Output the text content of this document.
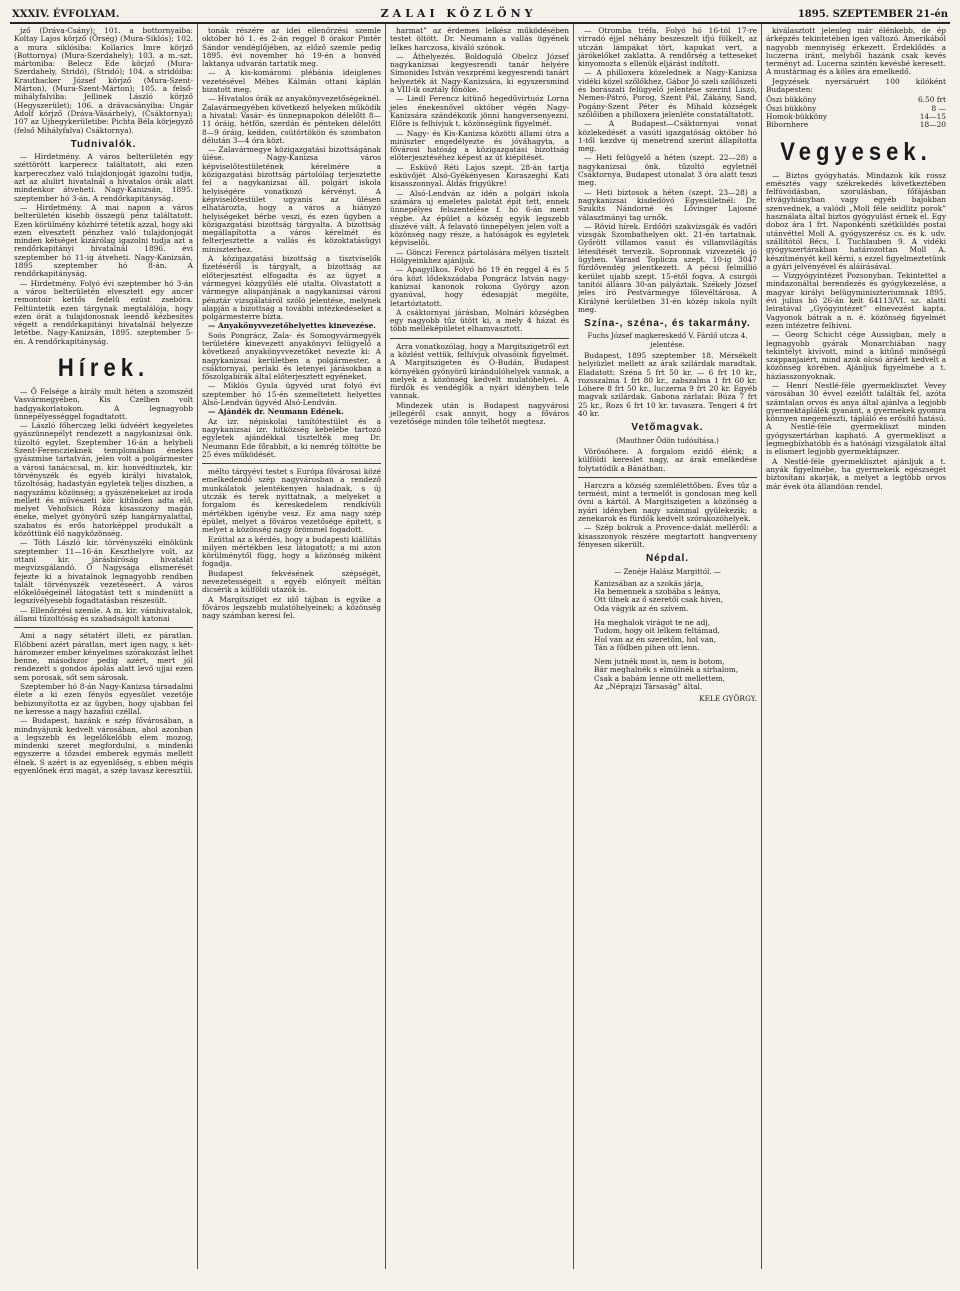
XXXIV. ÉVFOLYAM.	ZALAI KÖZLÖNY	1895. SZEPTEMBER 21-én

jző (Dráva-Csány); 101. a bottornyaiba: Koltay Lajos körjző (Őrség) (Mura-Siklós); 102. a mura siklósiba: Kollarics Imre körjző (Bottornya) (Mura-Szerdahely); 103. a m.-szt. mártoniba: Belecz Ede körjző (Mura-Szerdahely, Stridó), (Stridó); 104. a stridóiba: Krauthacker József körjző (Mura-Szent-Márton), (Mura-Szent-Márton); 105. a felső-mihályfalviba: Jellinek László körjző (Hegyszerület); 106. a drávacsányiba: Ungár Adolf körjző (Dráva-Vásárhely), (Csáktornya); 107 az Ujhegykerületibe: Pichta Béla körjegyző (felső Mihályfalva) Csáktornya).

Tudnivalók.

— Hirdetmény. A város belterületén egy széttörött karperecz találtatott, aki ezen karpereczhez való tulajdonjogát igazolni tudja, azt az alulirt hivatalnál a hivatalos órák alatt mindenkor átveheti. Nagy-Kanizsán, 1895. szeptember hó 3-án. A rendőrkapitányság.

— Hirdetmény. A mai napon a város belterületén kisebb összegü pénz találtatott. Ezen körülmény közhirré tétetik azzal, hogy aki ezen elvesztett pénzhez való tulajdonjogát minden kétséget kizárólag igazolni tudja azt a rendőrkapitányi hivatalnál 1896. évi szeptember hó 11-ig átveheti. Nagy-Kanizsán, 1895 szeptember hó 8-án. A rendőrkapitányság.

— Hirdetmény. Folyó évi szeptember hó 3-án a város belterületén elvesztett egy ancer remontoir kettős fedelü ezüst zsebóra. Feltüntetik ezen tárgynak megtalálója, hogy ezen órát a tulajdonosnak leendő kézbesítés végett a rendőrkapitányi hivatalnál helyezze letétbe. Nagy-Kanizsán, 1895. szeptember 5-én. A rendőrkapitányság.

Hírek.

— Ő Felsége a király mult héten a szomszéd Vasvármegyében, Kis Czelben volt hadgyakorlatokon. A legnagyobb ünnepélyességgel fogadtatott.

— László főherczeg lelki üdvéért kegyeletes gyászünnepélyt rendezett a nagykanizsai önk. tűzoltó egylet. Szeptember 16-án a helybeli Szent-Ferenczieknek templomában énekes gyászmise tartatván, jelen volt a polgármester a városi tanácscsal, m. kir. honvédtisztek, kir. törvényszék és egyéb királyi hivatalok, tűzoltóság, hadastyán egyletek teljes diszben, a nagyszámu közönség; a gyászénekeket az iroda mellett és művészeti kör kitűnően adta elő, melyet Vehofsich Róza kisasszony magán éneke, melyet gyönyörű szép hangárnyalattal, szabatos és erős hatorképpel produkált a közöttünk élő nagyközönség.

— Tóth László kir. törvényszéki elnökünk szeptember 11—16-án Keszthelyre volt, az ottani kir. járásbíróság hivatalát megvizsgálandó. Ő Nagysága elismerését fejezte ki a hivatalnok legnagyobb rendben talált törvényszék vezetéseért. A város előkelőségeinél látogatást tett s mindenütt a legszívélyesebb fogadtatásban részesült.

— Ellenőrzési szemle. A m. kir. vámhivatalok, állami tűzoltóság és szabadságolt katonai

Ami a nagy sétatért illeti, ez páratlan. Előbbeni azért páratlan, mert igen nagy, s két-háromezer ember kényelmes szórakozást lelhet benne, másodszor pedig azért, mert jól rendezett s gondos ápolás alatt levő ujjai ezen sem porosak, sőt sem sárosak.

Szeptember hó 8-án Nagy-Kanizsa társadalmi élete a ki ezen fényös egyesület vezetője bebizonyította ez az ügyben, hogy ujabban fel ne keresse a nagy hazafiúi czéllal.

— Budapest, hazánk e szép fővárosában, a mindnyájunk kedvelt városában, ahol azonban a legszebb és legelőkelőbb elem mozog, mindenki szeret megfordulni, s mindenki egyszerre a tőzsdei emberek egymás mellett élnek. S azért is az egyenlőség, s ebben mégis egyenlőnek érzi magát, a szép tavasz keresztül.

tonák részére az idei ellenőrzési szemle október hó 1. és 2-án reggel 8 órakor Pintér Sándor vendéglőjében, az előző szemle pedig 1895. évi november hó 19-én a honvéd laktanya udvarán tartatik meg.

— A kis-komáromi plébánia ideiglenes vezetésével Méhes Kálmán ottani káplán bizatott meg.

— Hivatalos órák az anyakönyvezetőségeknél. Zalavármegyében következő helyeken működik a hivatal: Vasár- és ünnepnapokon délelőtt 8—11 óráig, hétfőn, szerdán és pénteken délelőtt 8—9 óráig, kedden, csütörtökön és szombaton délután 3—4 óra közt.

— Zalavármegye közigazgatási bizottságának ülése. Nagy-Kanizsa város képviselőtestületének kérelmére a közigazgatási bizottság pártolólag terjesztette fel a nagykanizsai áll. polgári iskola helyiségére vonatkozó kérvényt. A képviselőtestület ugyanis az ülésen elhatározta, hogy a város a hiányzó helyiségeket bérbe veszi, és ezen ügyben a közigazgatási bizottság tárgyalta. A bizottság megállapította a város kérelmét és felterjesztette a vallás és közoktatásügyi miniszterhez.

A közigazgatási bizottság a tisztviselők fizetéséről is tárgyalt, a bizottság az előterjesztést elfogadta és az ügyet a vármegyei közgyűlés elé utalta. Olvastatott a vármegye alispánjának a nagykanizsai városi pénztár vizsgálatáról szóló jelentése, melynek alapján a bizottság a további intézkedéseket a polgármesterre bízta.

— Anyakönyvvezetőhelyettes kinevezése.

Soós Pongrácz, Zala- és Somogyvármegyék területére kinevezett anyakönyvi felügyelő a következő anyakönyvvezetőket nevezte ki: A nagykanizsai kerületben a polgármester, a csáktornyai, perlaki és letenyei járásokban a főszolgabírák által előterjesztett egyéneket.

— Miklós Gyula ügyvéd urat folyó évi szeptember hó 15-én szemeltetett helyettes Alsó-Lendván ügyvéd Alsó-Lendván.

— Ajándék dr. Neumann Edének.

Az izr. népiskolai tanítótestület és a nagykanizsai izr. hitközség kebelébe tartozó egyletek ajándékkal tisztelték meg Dr. Neumann Ede főrabbit, a ki nemrég töltötte be 25 éves működését.

mélto tárgyévi testet s Európa fővárosai közé emelkedendő szép nagyvárosban a rendező munkálatok jelentékenyen haladnak, s új utczák és terek nyittatnak, a melyeket a forgalom és kereskedelem rendkívüli mértékben igénybe vesz. Ez ama nagy szép épület, melyet a főváros vezetősége épített, s melyet a közönség nagy örömmel fogadott.

Ezúttal az a kérdés, hogy a budapesti kiállítás milyen mértékben lesz látogatott; a mi azon körülménytől függ, hogy a közönség miként fogadja.

Budapest fekvésének szépségét, nevezetességeit s egyéb előnyeit méltán dicsérik a külföldi utazók is.

A Margitsziget ez idő tájban is egyike a főváros legszebb mulatóhelyeinek; a közönség nagy számban keresi fel.

harmat” az érdemes lelkész működésében testet öltött. Dr. Neumann a vallás ügyének lelkes harczosa, kiváló szónok.

— Áthelyezés. Boldoguló Obelcz József nagykanizsai kegyesrendi tanár helyére Simonides István veszprémi kegyesrendi tanárt helyezték át Nagy-Kanizsára, ki egyszersmind a VIII-ik osztály főnöke.

— Liedl Ferencz kitünő hegedűvirtuóz Lorna jeles énekesnővel október végén Nagy-Kanizsára szándékozik jönni hangversenyezni. Előre is felhívjuk t. közönségünk figyelmét.

— Nagy- és Kis-Kanizsa közötti állami útra a miniszter engedélyezte és jóváhagyta, a fővárosi hatóság a közigazgatási bizottság előterjesztéséhez képest az út kiépítését.

— Esküvő Réti Lajos szept. 28-án tartja esküvőjét Alsó-Gyékényesen Koraszeghi Kati kisasszonnyal. Áldás frigyükre!

— Alsó-Lendván az idén a polgári iskola számára uj emeletes palotát épít tett, ennek ünnepélyes felszentelése f. hó 6-án ment végbe. Az épület a község egyik legszebb díszévé vált. A felavató ünnepélyen jelen volt a közönség nagy része, a hatóságok és egyletek képviselői.

— Gönczi Ferencz pártolására mélyen tisztelt Hölgyeinkhez ajánljuk.

— Apagyilkos. Folyó hó 19 én reggel 4 és 5 óra közt lődekszádaba Pongrácz István nagy-kanizsai kanonok rokona György azon gyanúval, hogy édesapját megölte, letartóztatott.

A csáktornyai járásban, Molnári községben egy nagyobb tűz ütött ki, a mely 4 házat és több melléképületet elhamvasztott.

Arra vonatkozólag, hogy a Margitszigetről ezt a közlést vettük, felhívjuk olvasóink figyelmét. A Margitszigeten és Ó-Budán, Budapest környékén gyönyörű kirándulóhelyek vannak, a melyek a közönség kedvelt mulatóhelyei. A fürdők és vendéglők a nyári idényben tele vannak.

Mindezek után is Budapest nagyvárosi jellegéről csak annyit, hogy a főváros vezetősége minden tőle telhetőt megtesz.

— Otromba tréfa. Folyó hó 16-tól 17-re virradó éjjel néhány beszeszelt ifjú fölkelt, az utczán lámpákat tört, kapukat vert, a járókelőket zaklatta. A rendőrség a tetteseket kinyomozta s ellenük eljárást indított.

— A philloxera közelednek a Nagy-Kanizsa vidéki közel szőlőkhez, Gábor Jó szeli szőlőszeti és borászati felügyelő jelentése szerint Liszó, Nemes-Pátró, Porog, Szent Pál, Zákány, Sand, Pogány-Szent Péter és Mihald községek szőlőiben a philloxera jelenléte constatáltatott.

— A Budapest—Csáktornyai vonat közlekedését a vasúti igazgatóság október hó 1-től kezdve új menetrend szerint állapította meg.

— Heti felügyelő a héten (szept. 22—28) a nagykanizsai önk. tűzoltó egyletnél Csáktornya, Budapest utonalat 3 óra alatt teszi meg.

— Heti biztosok a héten (szept. 23—28) a nagykanizsai kisdedóvó Egyesületnél: Dr. Szukits Nándorné és Lővinger Lajosné választmányi tag urnők.

— Rövid hírek. Erdőőri szakvizsgák és vadőri vizsgák Szombathelyen okt. 21-én tartatnak. Győrött villamos vasut és villamvilágítás létesítését tervezik. Sopronnak vizvezeték jó ügyben. Varasd Toplicza szept. 10-ig 3047 fürdővendég jelentkezett. A pécsi felmillió kerület ujabb szept. 15-étől fogva. A csurgói tanítói állásra 30-an pályáztak. Székely József jeles író Pestvármegye főlevéltárosa. A Királyné kerületben 31-én közép iskola nyílt meg.

Szína-, széna-, és takarmány.
Fuchs József magkereskedő V. Fárdő utcza 4. jelentése.

Budapest, 1895 szeptember 18. Mérsékelt helyiüzlet mellett az árak szilárdak maradtak. Eladatott: Széna 5 frt 50 kr. — 6 frt 10 kr., rozsszalma 1 frt 80 kr., zabszalma 1 frt 60 kr. Lóhere 8 frt 50 kr., luczerna 9 frt 20 kr. Egyéb magvak szilárdak. Gabona zárlatai: Búza 7 frt 25 kr., Rozs 6 frt 10 kr. tavaszra. Tengeri 4 frt 40 kr.

Vetőmagvak.
(Mauthner Ödön tudósítása.)

Vörösóhere. A forgalom ezidő élénk; a külföldi kereslet nagy, az árak emelkedése folytatódik a Bánátban.

Harczra a község szemlélettőben. Éves tűz a termést, mint a termelőt is gondosan meg kell óvni a kártól. A Margitszigeten a közönség a nyári idényben nagy számmal gyülekezik; a zenekarok és fürdők kedvelt szórakozóhelyek.

— Szép bokrok a Provence-dalát melléről: a kisasszonyok részére megtartott hangverseny fényesen sikerült.

Népdal.
— Zenéje Halász Margittól. —
Kanizsában az a szokás járja,
Ha bemennek a szobába s leánya,
Ott ülnek az ő szeretői csak hiven,
Oda vágyik az én szívem.
Ha meghalok virágot te ne adj,
Tudom, hogy oit lelkem feltámad,
Hol van az én szeretőm, hol van,
Tán a fődben pihen ott lenn.
Nem jutnék most is, nem is botom,
Bár meghalnék s elmúlnék a sírhalom,
Csak a babám lenne ott mellettem,
Az „Néprajzi Társaság” által.
KELE GYÖRGY.

kiválasztott jelenleg már élénkebb, de ép árképzés tekintetében igen változó. Amerikából nagyobb mennyiség érkezett. Érdeklődés a luczerna iránt, melyből hazánk csak kevés terményt ad. Lucerna szintén kevésbé keresett. A mustármag és a köles ára emelkedő.

Jegyzések nyersáruért 100 kilóként Budapesten:

Őszi bükköny	6.50 frt
Őszi bükköny	8 —
Homok-bükköny	14—15
Bibornhere	18—20
Vegyesek.

— Biztos gyógyhatás. Mindazok kik rossz emésztés vagy székrekedés következtében felfúvódásban, szorulásban, főfájásban étvágyhiányban vagy egyéb bajokban szenvednek, a valódi „Moll féle seidlitz porok” használata által biztos gyógyulást érnek el. Egy doboz ára 1 frt. Naponkénti szétküldés postai utánvéttel Moll A. gyógyszerész cs. és k. udv. szállítótól Bécs, I. Tuchlauben 9. A vidéki gyógyszertárakban határozottan Moll A. készítményét kell kérni, s ezzel figyelmeztetünk a gyári jelvényével és aláírásával.

— Vizgyógyintézet Pozsonyban. Tekintettel a mindazonáltal berendezés és gyógykezelése, a magyar királyi belügyminiszteriumnak 1895. évi julius hó 26-án kelt 64113/VI. sz. alatti leiratával „Gyógyintézet” elnevezést kapta. Vagyonok bátrak a n. é. közönség figyelmét ezen intézetre felhívni.

— Georg Schicht cége Aussigban, mely a legnagyobb gyárak Monarchiában nagy tekintélyt kivívott, mind a kitűnő minőségű szappanjaiért, mind azok olcsó áráért kedvelt a közönség körében. Ajánljuk figyelmébe a t. háziasszonyoknak.

— Henri Nestlé-féle gyermeklisztet Vevey városában 30 évvel ezelőtt találták fel, azóta számtalan orvos és anya által ajánlva a legjobb gyermektáplálék gyanánt, a gyermekek gyomra könnyen megemészti, tápláló és erősítő hatású. A Nestlé-féle gyermekliszt minden gyógyszertárban kapható. A gyermekliszt a legmegbízhatóbb és a hatósági vizsgálatok által is elismert legjobb gyermektápszer.

A Nestlé-féle gyermeklisztet ajánljuk a t. anyák figyelmébe, ha gyermekeik egészségét biztosítani akarják, a melyet a legtöbb orvos már évek óta állandóan rendel.
